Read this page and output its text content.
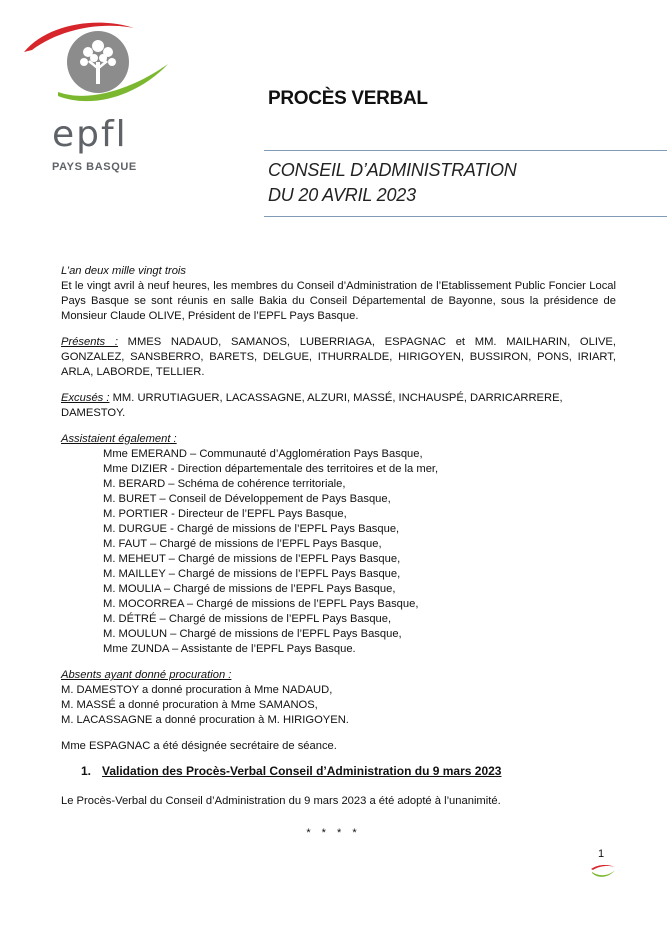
epfl
PAYS BASQUE
PROCÈS VERBAL
CONSEIL D’ADMINISTRATION
DU 20 AVRIL 2023

L’an deux mille vingt trois

Et le vingt avril à neuf heures, les membres du Conseil d’Administration de l’Etablissement Public Foncier Local Pays Basque se sont réunis en salle Bakia du Conseil Départemental de Bayonne, sous la présidence de Monsieur Claude OLIVE, Président de l’EPFL Pays Basque.

Présents : MMES NADAUD, SAMANOS, LUBERRIAGA, ESPAGNAC et MM. MAILHARIN, OLIVE, GONZALEZ, SANSBERRO, BARETS, DELGUE, ITHURRALDE, HIRIGOYEN, BUSSIRON, PONS, IRIART, ARLA, LABORDE, TELLIER.

Excusés : MM. URRUTIAGUER, LACASSAGNE, ALZURI, MASSÉ, INCHAUSPÉ, DARRICARRERE, DAMESTOY.

Assistaient également :

Mme EMERAND – Communauté d’Agglomération Pays Basque,

Mme DIZIER - Direction départementale des territoires et de la mer,

M. BERARD – Schéma de cohérence territoriale,

M. BURET – Conseil de Développement de Pays Basque,

M. PORTIER - Directeur de l’EPFL Pays Basque,

M. DURGUE - Chargé de missions de l’EPFL Pays Basque,

M. FAUT – Chargé de missions de l’EPFL Pays Basque,

M. MEHEUT – Chargé de missions de l’EPFL Pays Basque,

M. MAILLEY – Chargé de missions de l’EPFL Pays Basque,

M. MOULIA – Chargé de missions de l’EPFL Pays Basque,

M. MOCORREA – Chargé de missions de l’EPFL Pays Basque,

M. DÉTRÉ – Chargé de missions de l’EPFL Pays Basque,

M. MOULUN – Chargé de missions de l’EPFL Pays Basque,

Mme ZUNDA – Assistante de l’EPFL Pays Basque.

Absents ayant donné procuration :

M. DAMESTOY a donné procuration à Mme NADAUD,

M. MASSÉ a donné procuration à Mme SAMANOS,

M. LACASSAGNE a donné procuration à M. HIRIGOYEN.

Mme ESPAGNAC a été désignée secrétaire de séance.

1. Validation des Procès-Verbal Conseil d’Administration du 9 mars 2023
Le Procès-Verbal du Conseil d’Administration du 9 mars 2023 a été adopté à l’unanimité.
* * * *
1
